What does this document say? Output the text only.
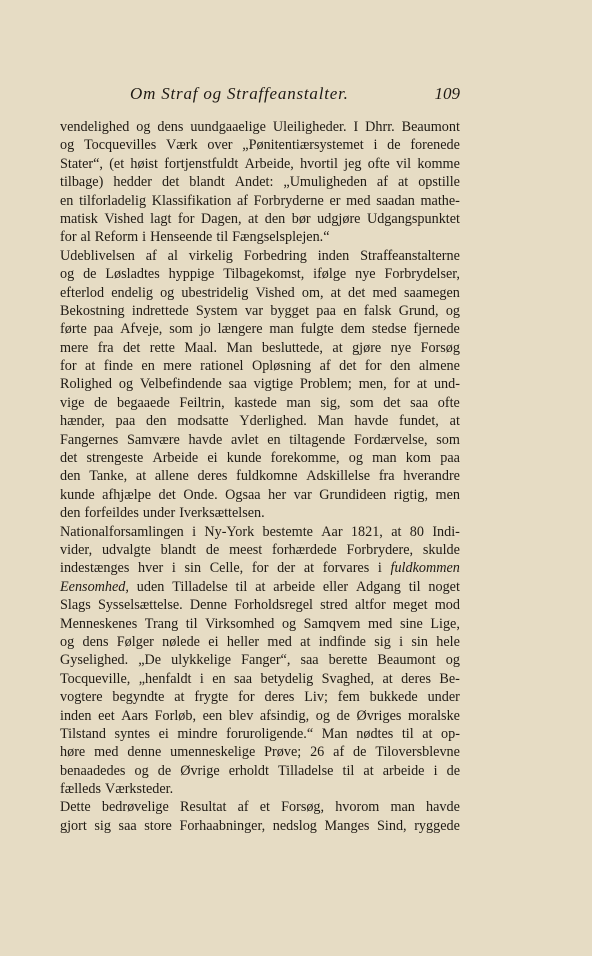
Om Straf og Straffeanstalter.	109
vendelighed og dens uundgaaelige Uleiligheder. I Dhrr. Beaumont
og Tocquevilles Værk over „Pønitentiærsystemet i de forenede
Stater“, (et høist fortjenstfuldt Arbeide, hvortil jeg ofte vil komme
tilbage) hedder det blandt Andet: „Umuligheden af at opstille
en tilforladelig Klassifikation af Forbryderne er med saadan mathe-
matisk Vished lagt for Dagen, at den bør udgjøre Udgangspunktet
for al Reform i Henseende til Fængselsplejen.“
Udeblivelsen af al virkelig Forbedring inden Straffeanstalterne
og de Løsladtes hyppige Tilbagekomst, ifølge nye Forbrydelser,
efterlod endelig og ubestridelig Vished om, at det med saamegen
Bekostning indrettede System var bygget paa en falsk Grund, og
førte paa Afveje, som jo længere man fulgte dem stedse fjernede
mere fra det rette Maal. Man besluttede, at gjøre nye Forsøg
for at finde en mere rationel Opløsning af det for den almene
Rolighed og Velbefindende saa vigtige Problem; men, for at und-
vige de begaaede Feiltrin, kastede man sig, som det saa ofte
hænder, paa den modsatte Yderlighed. Man havde fundet, at
Fangernes Samvære havde avlet en tiltagende Fordærvelse, som
det strengeste Arbeide ei kunde forekomme, og man kom paa
den Tanke, at allene deres fuldkomne Adskillelse fra hverandre
kunde afhjælpe det Onde. Ogsaa her var Grundideen rigtig, men
den forfeildes under Iverksættelsen.
Nationalforsamlingen i Ny-York bestemte Aar 1821, at 80 Indi-
vider, udvalgte blandt de meest forhærdede Forbrydere, skulde
indestænges hver i sin Celle, for der at forvares i fuldkommen
Eensomhed, uden Tilladelse til at arbeide eller Adgang til noget
Slags Sysselsættelse. Denne Forholdsregel stred altfor meget mod
Menneskenes Trang til Virksomhed og Samqvem med sine Lige,
og dens Følger nølede ei heller med at indfinde sig i sin hele
Gyselighed. „De ulykkelige Fanger“, saa berette Beaumont og
Tocqueville, „henfaldt i en saa betydelig Svaghed, at deres Be-
vogtere begyndte at frygte for deres Liv; fem bukkede under
inden eet Aars Forløb, een blev afsindig, og de Øvriges moralske
Tilstand syntes ei mindre foruroligende.“ Man nødtes til at op-
høre med denne umenneskelige Prøve; 26 af de Tiloversblevne
benaadedes og de Øvrige erholdt Tilladelse til at arbeide i de
fælleds Værksteder.
Dette bedrøvelige Resultat af et Forsøg, hvorom man havde
gjort sig saa store Forhaabninger, nedslog Manges Sind, ryggede
